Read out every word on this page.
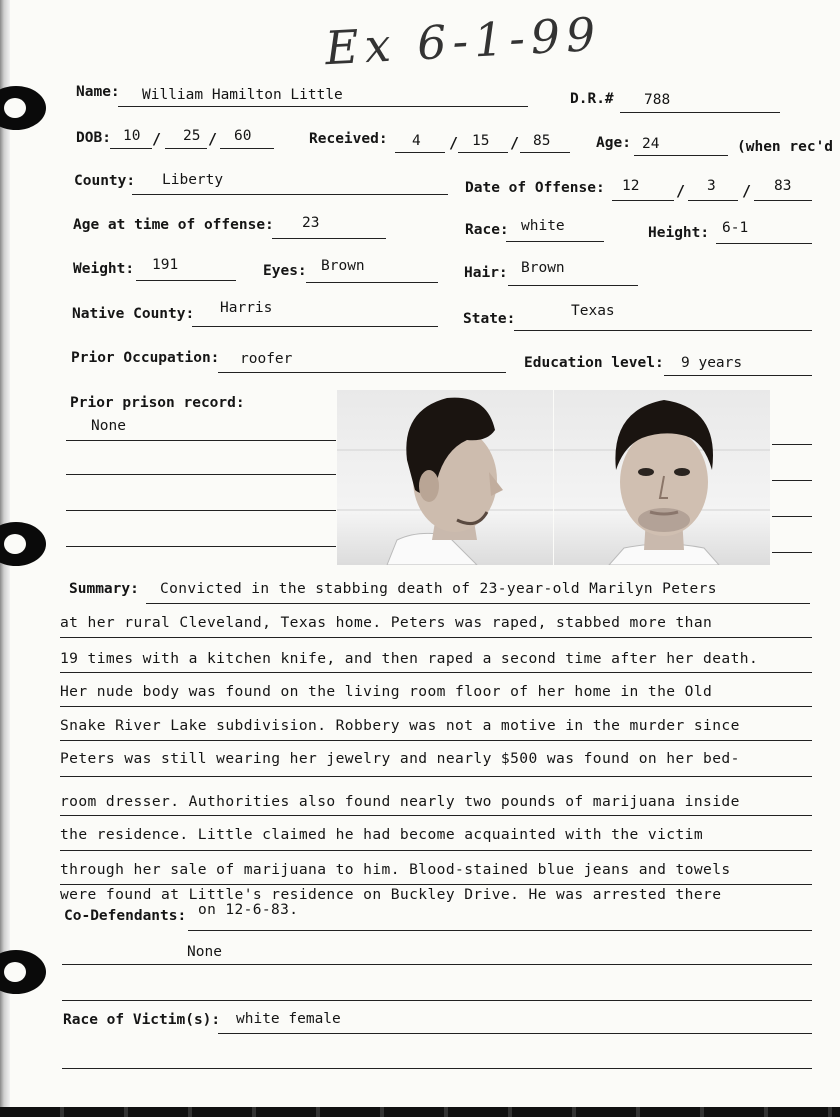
Ex 6-1-99
Name: William Hamilton Little	D.R.# 788
DOB: 10 / 25 / 60	Received: 4 / 15 / 85	Age: 24	(when rec'd
County: Liberty	Date of Offense: 12 / 3 / 83
Age at time of offense: 23	Race: white	Height: 6-1
Weight: 191	Eyes: Brown	Hair: Brown
Native County: Harris
State:	Texas
Prior Occupation: roofer	Education level: 9 years
Prior prison record:
None
Summary: Convicted in the stabbing death of 23-year-old Marilyn Peters
at her rural Cleveland, Texas home. Peters was raped, stabbed more than
19 times with a kitchen knife, and then raped a second time after her death.
Her nude body was found on the living room floor of her home in the Old
Snake River Lake subdivision. Robbery was not a motive in the murder since
Peters was still wearing her jewelry and nearly $500 was found on her bed-
room dresser. Authorities also found nearly two pounds of marijuana inside
the residence. Little claimed he had become acquainted with the victim
through her sale of marijuana to him. Blood-stained blue jeans and towels
were found at Little's residence on Buckley Drive. He was arrested there
on 12-6-83.
Co-Defendants:
None
Race of Victim(s): white female
